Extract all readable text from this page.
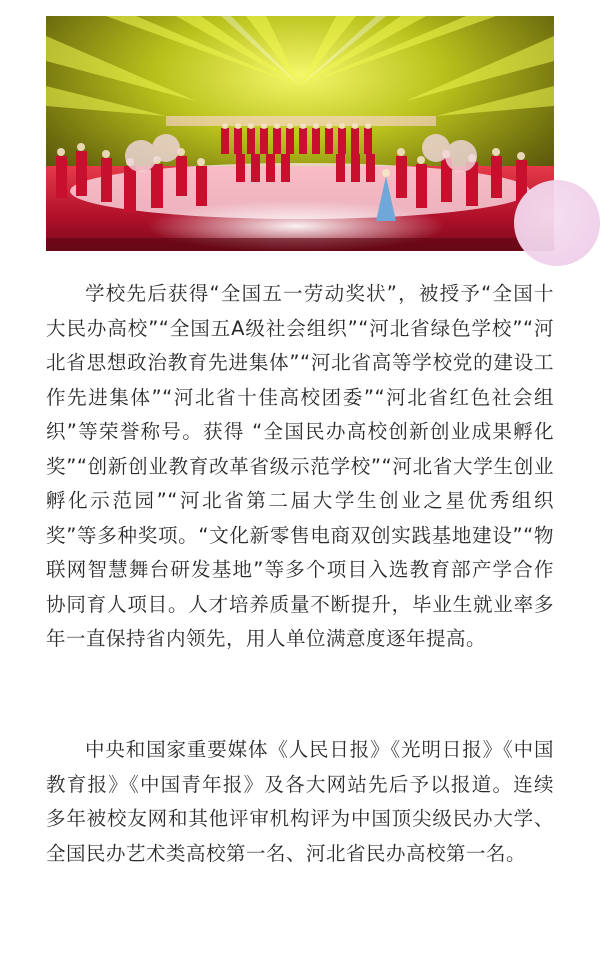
学校先后获得“全国五一劳动奖状”，被授予“全国十大民办高校”“全国五A级社会组织”“河北省绿色学校”“河北省思想政治教育先进集体”“河北省高等学校党的建设工作先进集体”“河北省十佳高校团委”“河北省红色社会组织”等荣誉称号。获得 “全国民办高校创新创业成果孵化奖”“创新创业教育改革省级示范学校”“河北省大学生创业孵化示范园”“河北省第二届大学生创业之星优秀组织奖”等多种奖项。“文化新零售电商双创实践基地建设”“物联网智慧舞台研发基地”等多个项目入选教育部产学合作协同育人项目。人才培养质量不断提升，毕业生就业率多年一直保持省内领先，用人单位满意度逐年提高。

中央和国家重要媒体《人民日报》《光明日报》《中国教育报》《中国青年报》及各大网站先后予以报道。连续多年被校友网和其他评审机构评为中国顶尖级民办大学、全国民办艺术类高校第一名、河北省民办高校第一名。
